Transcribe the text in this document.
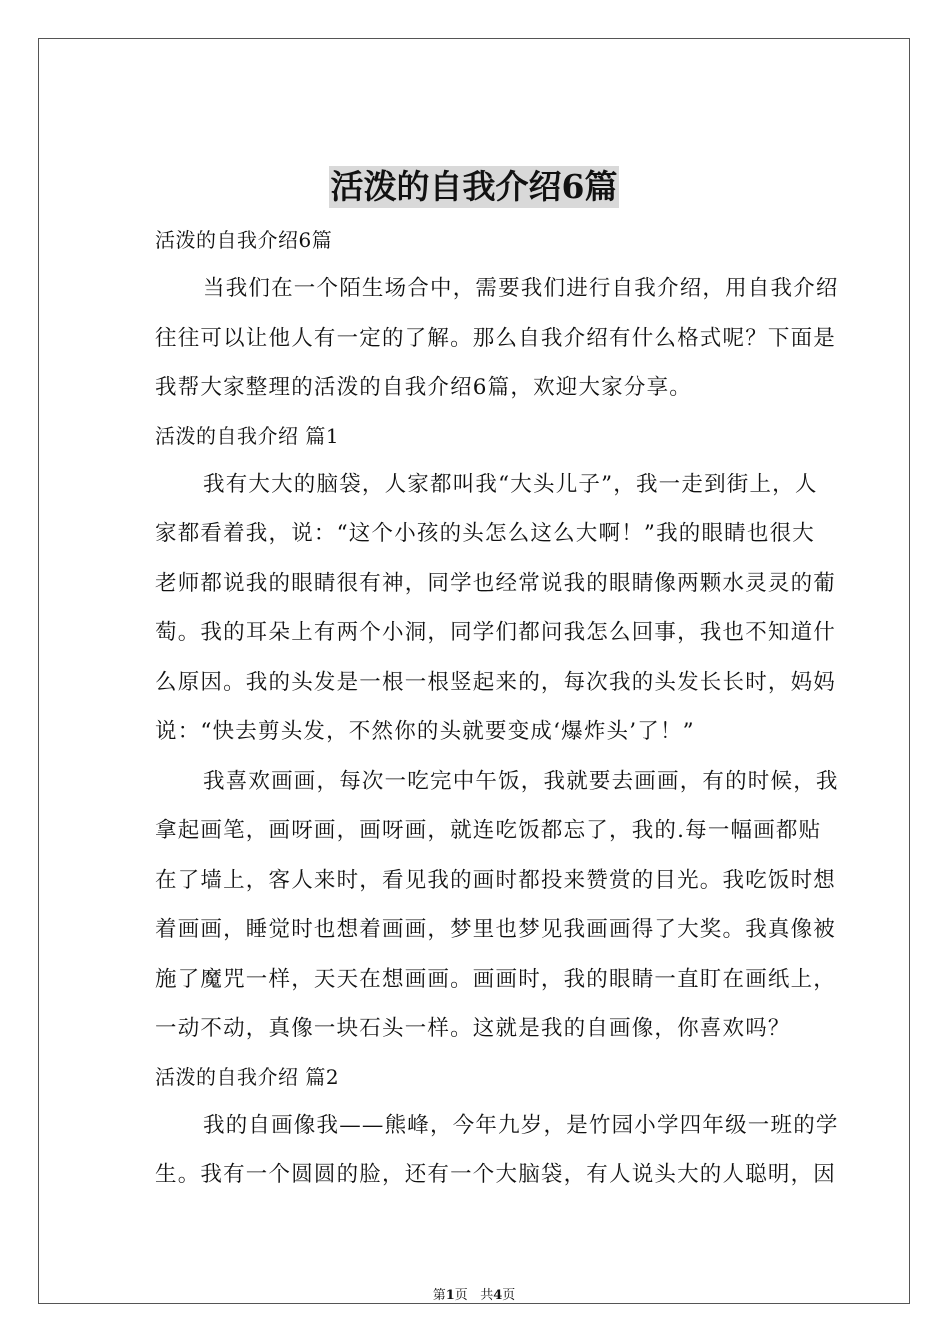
活泼的自我介绍6篇
活泼的自我介绍6篇
当我们在一个陌生场合中，需要我们进行自我介绍，用自我介绍
往往可以让他人有一定的了解。那么自我介绍有什么格式呢？下面是
我帮大家整理的活泼的自我介绍6篇，欢迎大家分享。
活泼的自我介绍 篇1
我有大大的脑袋，人家都叫我“大头儿子”，我一走到街上，人
家都看着我，说：“这个小孩的头怎么这么大啊！”我的眼睛也很大
老师都说我的眼睛很有神，同学也经常说我的眼睛像两颗水灵灵的葡
萄。我的耳朵上有两个小洞，同学们都问我怎么回事，我也不知道什
么原因。我的头发是一根一根竖起来的，每次我的头发长长时，妈妈
说：“快去剪头发，不然你的头就要变成‘爆炸头’了！”
我喜欢画画，每次一吃完中午饭，我就要去画画，有的时候，我
拿起画笔，画呀画，画呀画，就连吃饭都忘了，我的.每一幅画都贴
在了墙上，客人来时，看见我的画时都投来赞赏的目光。我吃饭时想
着画画，睡觉时也想着画画，梦里也梦见我画画得了大奖。我真像被
施了魔咒一样，天天在想画画。画画时，我的眼睛一直盯在画纸上，
一动不动，真像一块石头一样。这就是我的自画像，你喜欢吗？
活泼的自我介绍 篇2
我的自画像我——熊峰，今年九岁，是竹园小学四年级一班的学
生。我有一个圆圆的脸，还有一个大脑袋，有人说头大的人聪明，因
第1页 共4页
